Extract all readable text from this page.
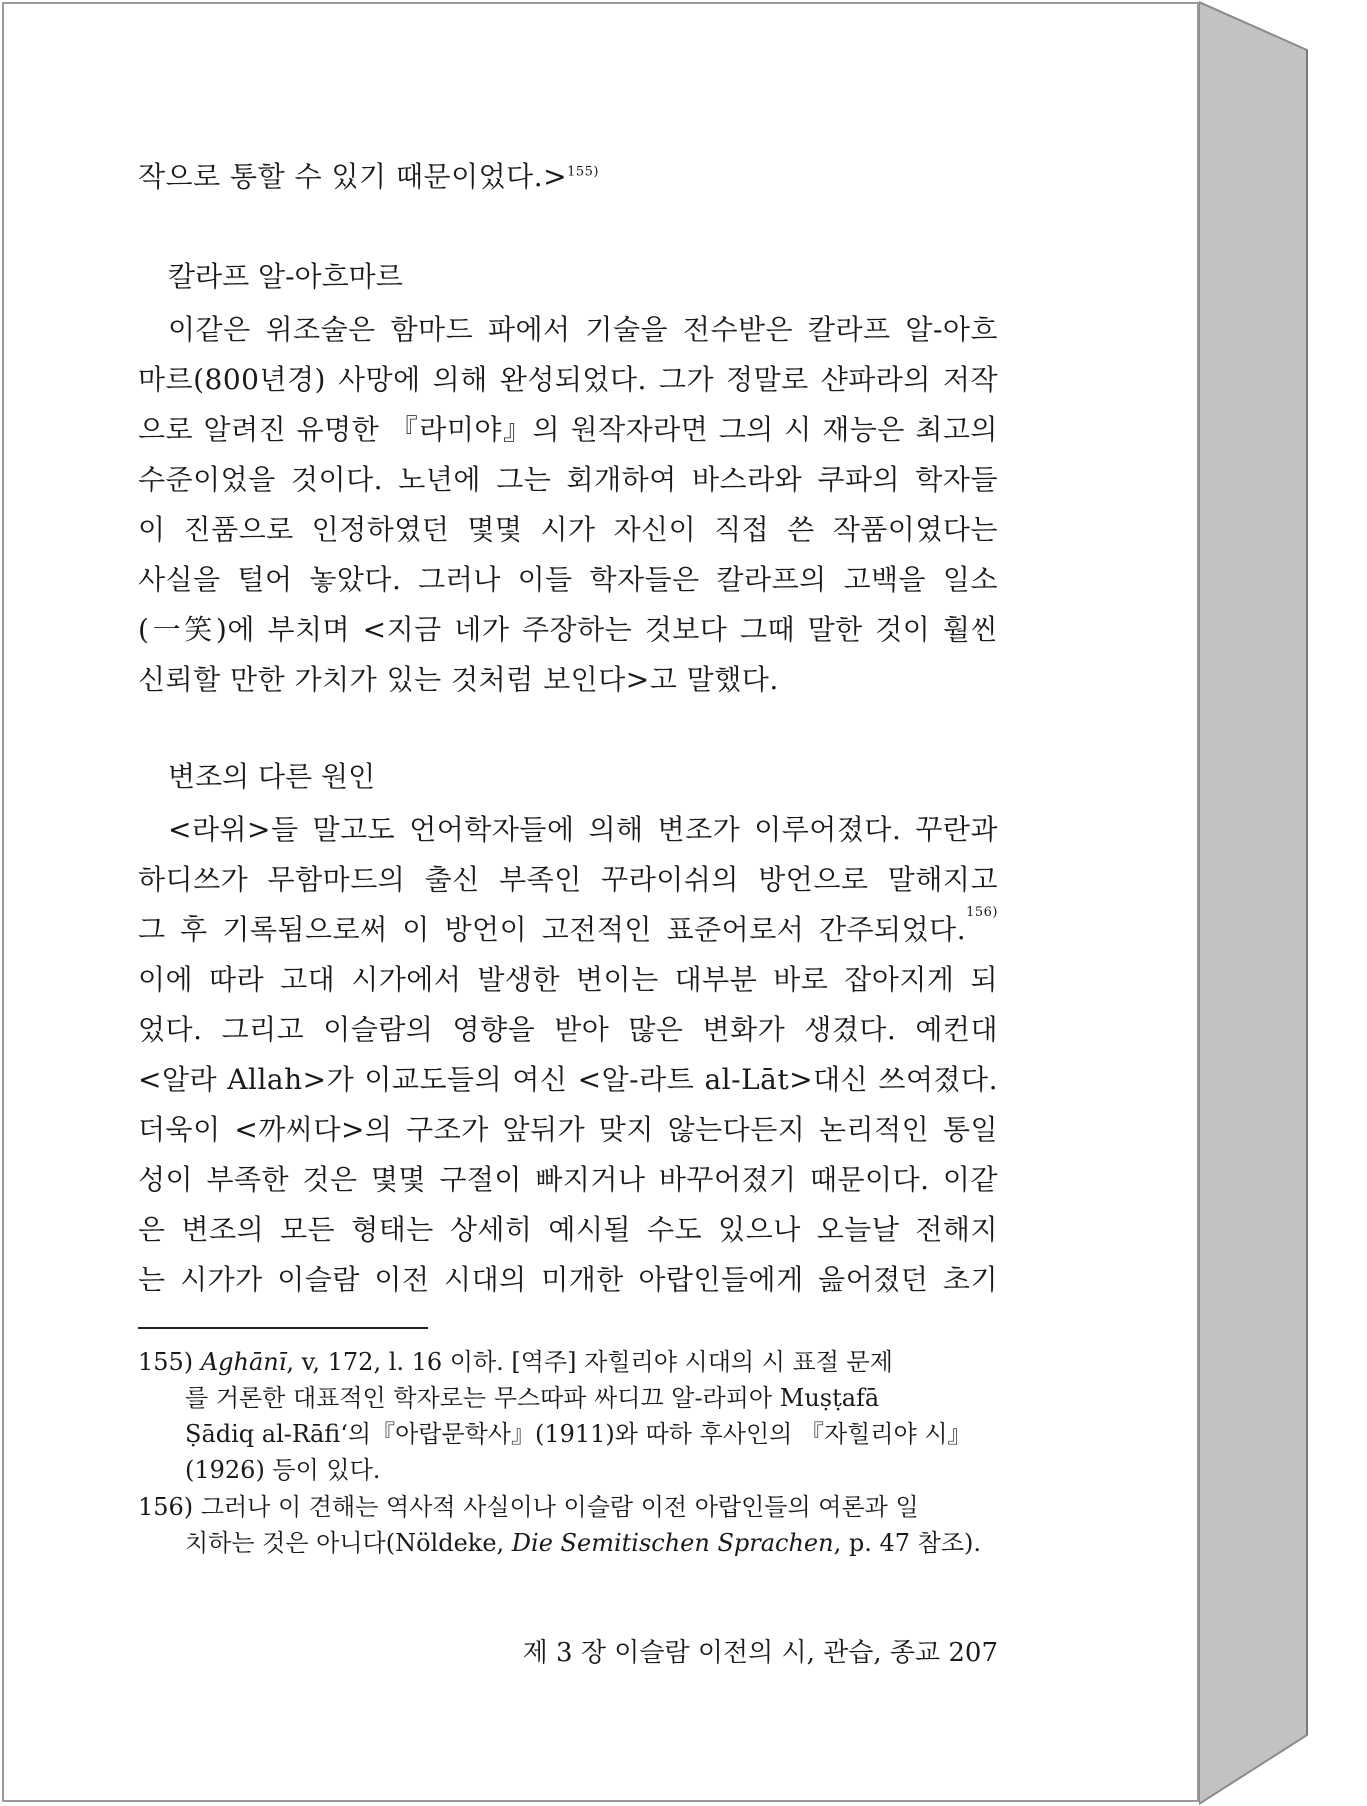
작으로 통할 수 있기 때문이었다.>$^{155)}$
칼라프 알-아흐마르
이같은 위조술은 함마드 파에서 기술을 전수받은 칼라프 알-아흐
마르(800년경) 사망에 의해 완성되었다. 그가 정말로 샨파라의 저작
으로 알려진 유명한 『라미야』의 원작자라면 그의 시 재능은 최고의
수준이었을 것이다. 노년에 그는 회개하여 바스라와 쿠파의 학자들
이 진품으로 인정하였던 몇몇 시가 자신이 직접 쓴 작품이였다는
사실을 털어 놓았다. 그러나 이들 학자들은 칼라프의 고백을 일소
(一笑)에 부치며 <지금 네가 주장하는 것보다 그때 말한 것이 훨씬
신뢰할 만한 가치가 있는 것처럼 보인다>고 말했다.
변조의 다른 원인
<라위>들 말고도 언어학자들에 의해 변조가 이루어졌다. 꾸란과
하디쓰가 무함마드의 출신 부족인 꾸라이쉬의 방언으로 말해지고
그 후 기록됨으로써 이 방언이 고전적인 표준어로서 간주되었다.
156)
이에 따라 고대 시가에서 발생한 변이는 대부분 바로 잡아지게 되
었다. 그리고 이슬람의 영향을 받아 많은 변화가 생겼다. 예컨대
<알라 Allah>가 이교도들의 여신 <알-라트 al-Lāt>대신 쓰여졌다.
더욱이 <까씨다>의 구조가 앞뒤가 맞지 않는다든지 논리적인 통일
성이 부족한 것은 몇몇 구절이 빠지거나 바꾸어졌기 때문이다. 이같
은 변조의 모든 형태는 상세히 예시될 수도 있으나 오늘날 전해지
는 시가가 이슬람 이전 시대의 미개한 아랍인들에게 읊어졌던 초기
155) Aghānī, v, 172, l. 16 이하. [역주] 자힐리야 시대의 시 표절 문제
를 거론한 대표적인 학자로는 무스따파 싸디끄 알-라피아 Muṣṭafā
Ṣādiq al-Rāfi‘의『아랍문학사』(1911)와 따하 후사인의 『자힐리야 시』
(1926) 등이 있다.
156) 그러나 이 견해는 역사적 사실이나 이슬람 이전 아랍인들의 여론과 일
치하는 것은 아니다(Nöldeke, Die Semitischen Sprachen, p. 47 참조).
제 3 장 이슬람 이전의 시, 관습, 종교 207
